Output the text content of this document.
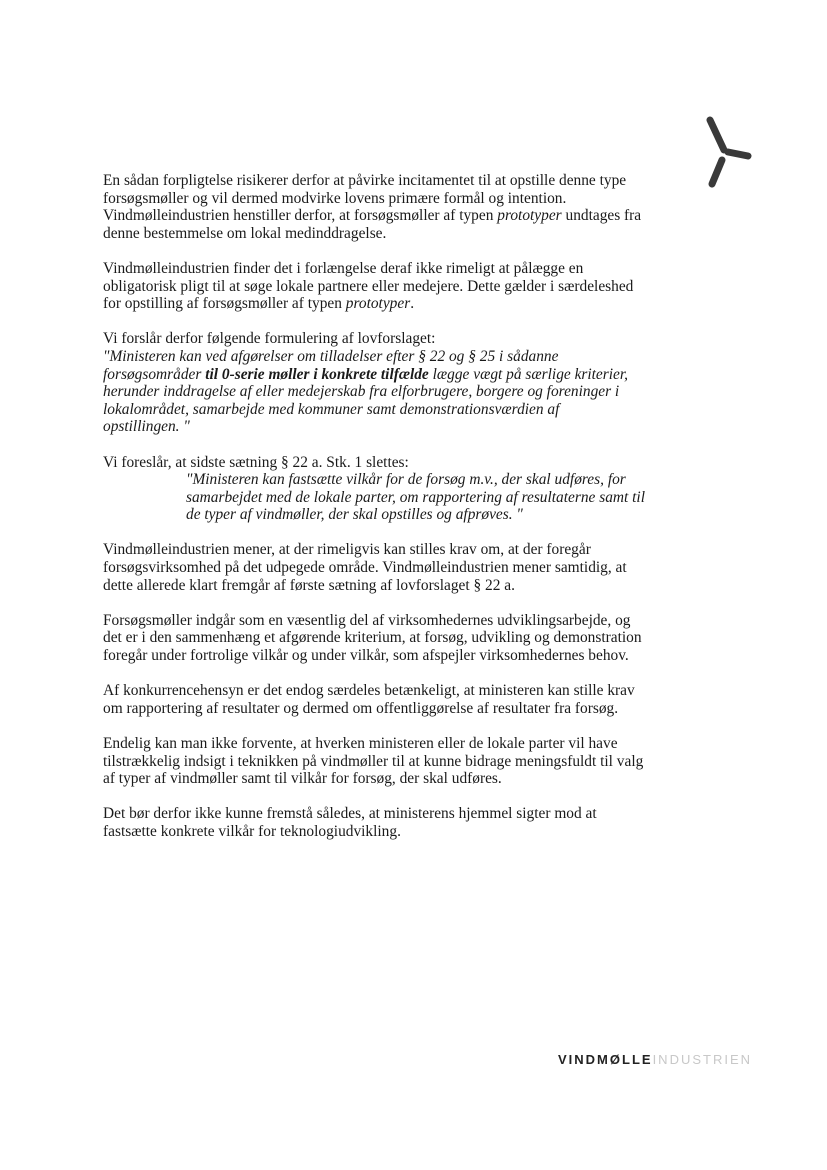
En sådan forpligtelse risikerer derfor at påvirke incitamentet til at opstille denne type
forsøgsmøller og vil dermed modvirke lovens primære formål og intention.
Vindmølleindustrien henstiller derfor, at forsøgsmøller af typen prototyper undtages fra
denne bestemmelse om lokal medinddragelse.

Vindmølleindustrien finder det i forlængelse deraf ikke rimeligt at pålægge en
obligatorisk pligt til at søge lokale partnere eller medejere. Dette gælder i særdeleshed
for opstilling af forsøgsmøller af typen prototyper.

Vi forslår derfor følgende formulering af lovforslaget:
"Ministeren kan ved afgørelser om tilladelser efter § 22 og § 25 i sådanne
forsøgsområder til 0-serie møller i konkrete tilfælde lægge vægt på særlige kriterier,
herunder inddragelse af eller medejerskab fra elforbrugere, borgere og foreninger i
lokalområdet, samarbejde med kommuner samt demonstrationsværdien af
opstillingen. "

Vi foreslår, at sidste sætning § 22 a. Stk. 1 slettes:
"Ministeren kan fastsætte vilkår for de forsøg m.v., der skal udføres, for
samarbejdet med de lokale parter, om rapportering af resultaterne samt til
de typer af vindmøller, der skal opstilles og afprøves. "

Vindmølleindustrien mener, at der rimeligvis kan stilles krav om, at der foregår
forsøgsvirksomhed på det udpegede område. Vindmølleindustrien mener samtidig, at
dette allerede klart fremgår af første sætning af lovforslaget § 22 a.

Forsøgsmøller indgår som en væsentlig del af virksomhedernes udviklingsarbejde, og
det er i den sammenhæng et afgørende kriterium, at forsøg, udvikling og demonstration
foregår under fortrolige vilkår og under vilkår, som afspejler virksomhedernes behov.

Af konkurrencehensyn er det endog særdeles betænkeligt, at ministeren kan stille krav
om rapportering af resultater og dermed om offentliggørelse af resultater fra forsøg.

Endelig kan man ikke forvente, at hverken ministeren eller de lokale parter vil have
tilstrækkelig indsigt i teknikken på vindmøller til at kunne bidrage meningsfuldt til valg
af typer af vindmøller samt til vilkår for forsøg, der skal udføres.

Det bør derfor ikke kunne fremstå således, at ministerens hjemmel sigter mod at
fastsætte konkrete vilkår for teknologiudvikling.

VINDMØLLEINDUSTRIEN
